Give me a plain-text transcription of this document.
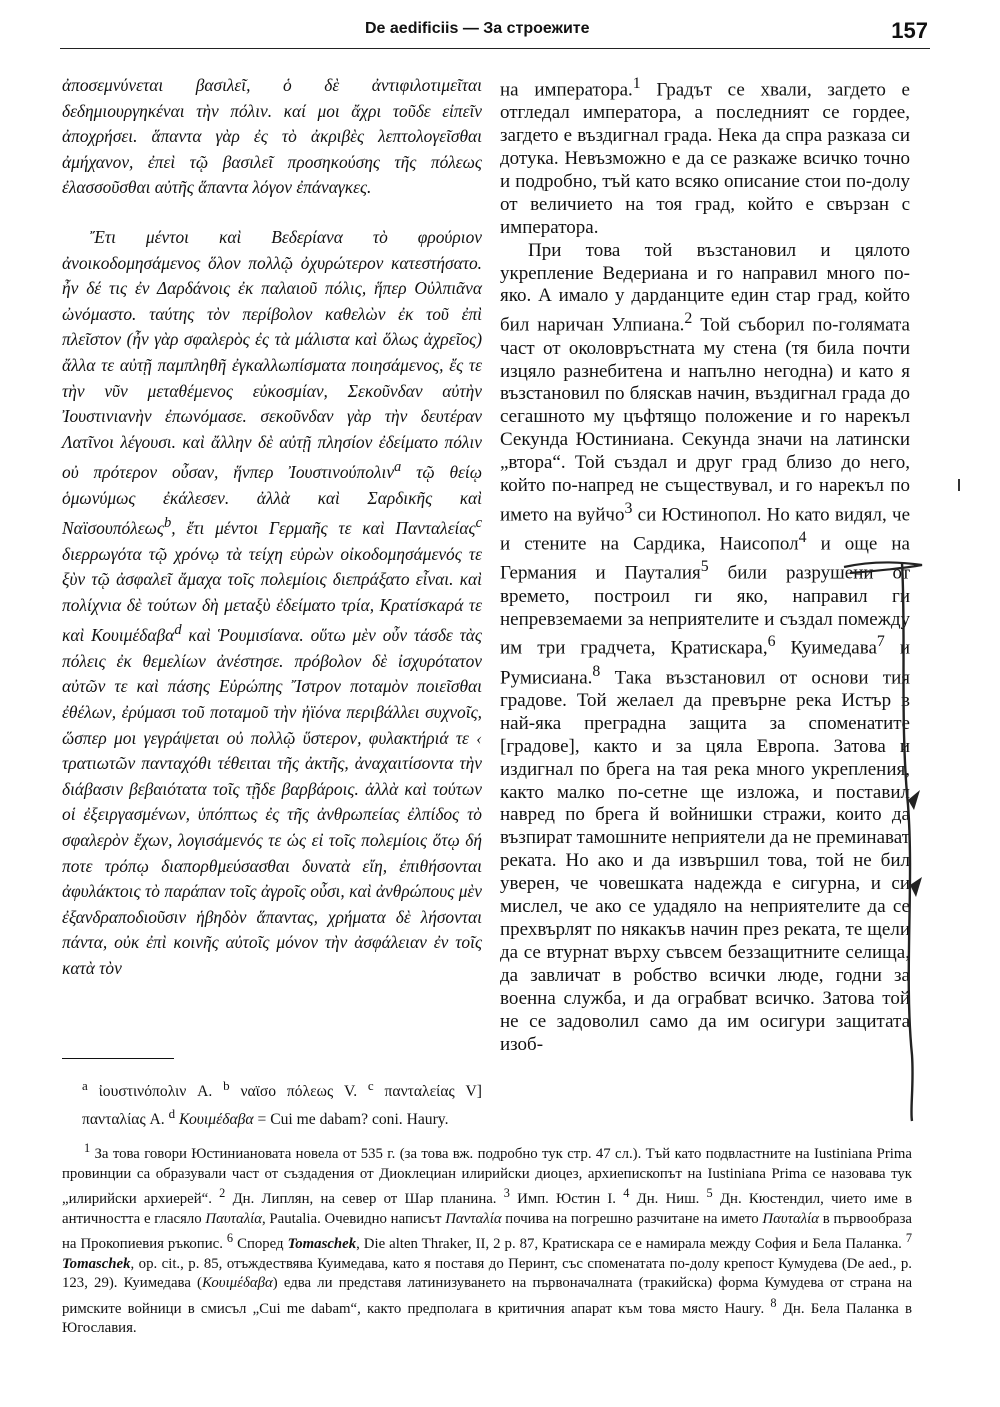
De aedificiis — За строежите	157

ἀποσεμνύνεται βασιλεῖ, ὁ δὲ ἀντιφιλοτιμεῖται δεδημιουργηκέναι τὴν πόλιν. καί μοι ἄχρι τοῦδε εἰπεῖν ἀποχρήσει. ἅπαντα γὰρ ἐς τὸ ἀκριβὲς λεπτολογεῖσθαι ἀμήχανον, ἐπεὶ τῷ βασιλεῖ προσηκούσης τῆς πόλεως ἐλασσοῦσθαι αὐτῆς ἅπαντα λόγον ἐπάναγκες.

Ἔτι μέντοι καὶ Βεδερίανα τὸ φρούριον ἀνοικοδομησάμενος ὅλον πολλῷ ὀχυρώτερον κατεστήσατο. ἦν δέ τις ἐν Δαρδάνοις ἐκ παλαιοῦ πόλις, ἥπερ Οὐλπιᾶνα ὠνόμαστο. ταύτης τὸν περίβολον καθελὼν ἐκ τοῦ ἐπὶ πλεῖστον (ἦν γὰρ σφαλερὸς ἐς τὰ μάλιστα καὶ ὅλως ἀχρεῖος) ἄλλα τε αὐτῇ παμπληθῆ ἐγκαλλωπίσματα ποιησάμενος, ἔς τε τὴν νῦν μεταθέμενος εὐκοσμίαν, Σεκοῦνδαν αὐτὴν Ἰουστινιανὴν ἐπωνόμασε. σεκοῦνδαν γὰρ τὴν δευτέραν Λατῖνοι λέγουσι. καὶ ἄλλην δὲ αὐτῇ πλησίον ἐδείματο πόλιν οὐ πρότερον οὖσαν, ἥνπερ Ἰουστινούπολιν$^a$ τῷ θείῳ ὁμωνύμως ἐκάλεσεν. ἀλλὰ καὶ Σαρδικῆς καὶ Ναϊσουπόλεως$^b$, ἔτι μέντοι Γερμαῆς τε καὶ Πανταλείας$^c$ διερρωγότα τῷ χρόνῳ τὰ τείχη εὐρὼν οἰκοδομησάμενός τε ξὺν τῷ ἀσφαλεῖ ἄμαχα τοῖς πολεμίοις διεπράξατο εἶναι. καὶ πολίχνια δὲ τούτων δὴ μεταξὺ ἐδείματο τρία, Κρατίσκαρά τε καὶ Κουιμέδαβα$^d$ καὶ Ῥουμισίανα. οὕτω μὲν οὖν τάσδε τὰς πόλεις ἐκ θεμελίων ἀνέστησε. πρόβολον δὲ ἰσχυρότατον αὐτῶν τε καὶ πάσης Εὐρώπης Ἴστρον ποταμὸν ποιεῖσθαι ἐθέλων, ἐρύμασι τοῦ ποταμοῦ τὴν ἠϊόνα περιβάλλει συχνοῖς, ὥσπερ μοι γεγράψεται οὐ πολλῷ ὕστερον, φυλακτήριά τε ‹ τρατιωτῶν πανταχόθι τέθειται τῆς ἀκτῆς, ἀναχαιτίσοντα τὴν διάβασιν βεβαιότατα τοῖς τῇδε βαρβάροις. ἀλλὰ καὶ τούτων οἱ ἐξειργασμένων, ὑπόπτως ἐς τῆς ἀνθρωπείας ἐλπίδος τὸ σφαλερὸν ἔχων, λογισάμενός τε ὡς εἰ τοῖς πολεμίοις ὅτῳ δή ποτε τρόπῳ διαπορθμεύσασθαι δυνατὰ εἴη, ἐπιθήσονται ἀφυλάκτοις τὸ παράπαν τοῖς ἀγροῖς οὖσι, καὶ ἀνθρώπους μὲν ἐξανδραποδιοῦσιν ἡβηδὸν ἅπαντας, χρήματα δὲ λήσονται πάντα, οὐκ ἐπὶ κοινῆς αὐτοῖς μόνον τὴν ἀσφάλειαν ἐν τοῖς κατὰ τὸν

на императора.$^1$ Градът се хвали, загдето е отгледал императора, а последният се гордее, загдето е въздигнал града. Нека да спра разказа си дотука. Невъзможно е да се разкаже всичко точно и подробно, тъй като всяко описание стои по-долу от величието на тоя град, който е свързан с императора.

При това той възстановил и цялото укрепление Ведериана и го направил много по-яко. А имало у дарданците един стар град, който бил наричан Улпиана.$^2$ Той съборил по-голямата част от околовръстната му стена (тя била почти изцяло разнебитена и напълно негодна) и като я възстановил по бляскав начин, въздигнал града до сегашното му цъфтящо положение и го нарекъл Секунда Юстиниана. Секунда значи на латински „втора“. Той създал и друг град близо до него, който по-напред не съществувал, и го нарекъл по името на вуйчо$^3$ си Юстинопол. Но като видял, че и стените на Сардика, Наисопол$^4$ и още на Германия и Пауталия$^5$ били разрушени от времето, построил ги яко, направил ги непревземаеми за неприятелите и създал помежду им три градчета, Кратискара,$^6$ Куимедава$^7$ и Румисиана.$^8$ Така възстановил от основи тия градове. Той желаел да превърне река Истър в най-яка преградна защита за споменатите [градове], както и за цяла Европа. Затова и издигнал по брега на тая река много укрепления, както малко по-сетне ще изложа, и поставил навред по брега й войнишки стражи, които да възпират тамошните неприятели да не преминават реката. Но ако и да извършил това, той не бил уверен, че човешката надежда е сигурна, и си мислел, че ако се удадяло на неприятелите да се прехвърлят по някакъв начин през реката, те щели да се втурнат върху съвсем беззащитните селища, да завличат в робство всички люде, годни за военна служба, и да ограбват всичко. Затова той не се задоволил само да им осигури защитата изоб-

$^a$ ἰουστινόπολιν A. $^b$ ναϊσο πόλεως V. $^c$ πανταλείας V] πανταλίας A. $^d$ Κουιμέδαβα = Cui me dabam? coni. Haury.

$^1$ За това говори Юстиниановата новела от 535 г. (за това вж. подробно тук стр. 47 сл.). Тъй като подвластните на Iustiniana Prima провинции са образували част от създадения от Диоклециан илирийски диоцез, архиепископът на Iustiniana Prima се назовава тук „илирийски архиерей“. $^2$ Дн. Липлян, на север от Шар планина. $^3$ Имп. Юстин I. $^4$ Дн. Ниш. $^5$ Дн. Кюстендил, чието име в античността е гласяло Παυταλία, Pautalia. Очевидно написът Πανταλία почива на погрешно разчитане на името Παυταλία в първообраза на Прокопиевия ръкопис. $^6$ Според Tomaschek, Die alten Thraker, II, 2 p. 87, Кратискара се е намирала между София и Бела Паланка. $^7$ Tomaschek, op. cit., p. 85, отъждествява Куимедава, като я поставя до Перинт, със споменатата по-долу крепост Кумудева (De aed., p. 123, 29). Куимедава (Κουιμέδαβα) едва ли представя латинизуването на първоначалната (тракийска) форма Кумудева от страна на римските войници в смисъл „Cui me dabam“, както предполага в критичния апарат към това място Haury. $^8$ Дн. Бела Паланка в Югославия.
